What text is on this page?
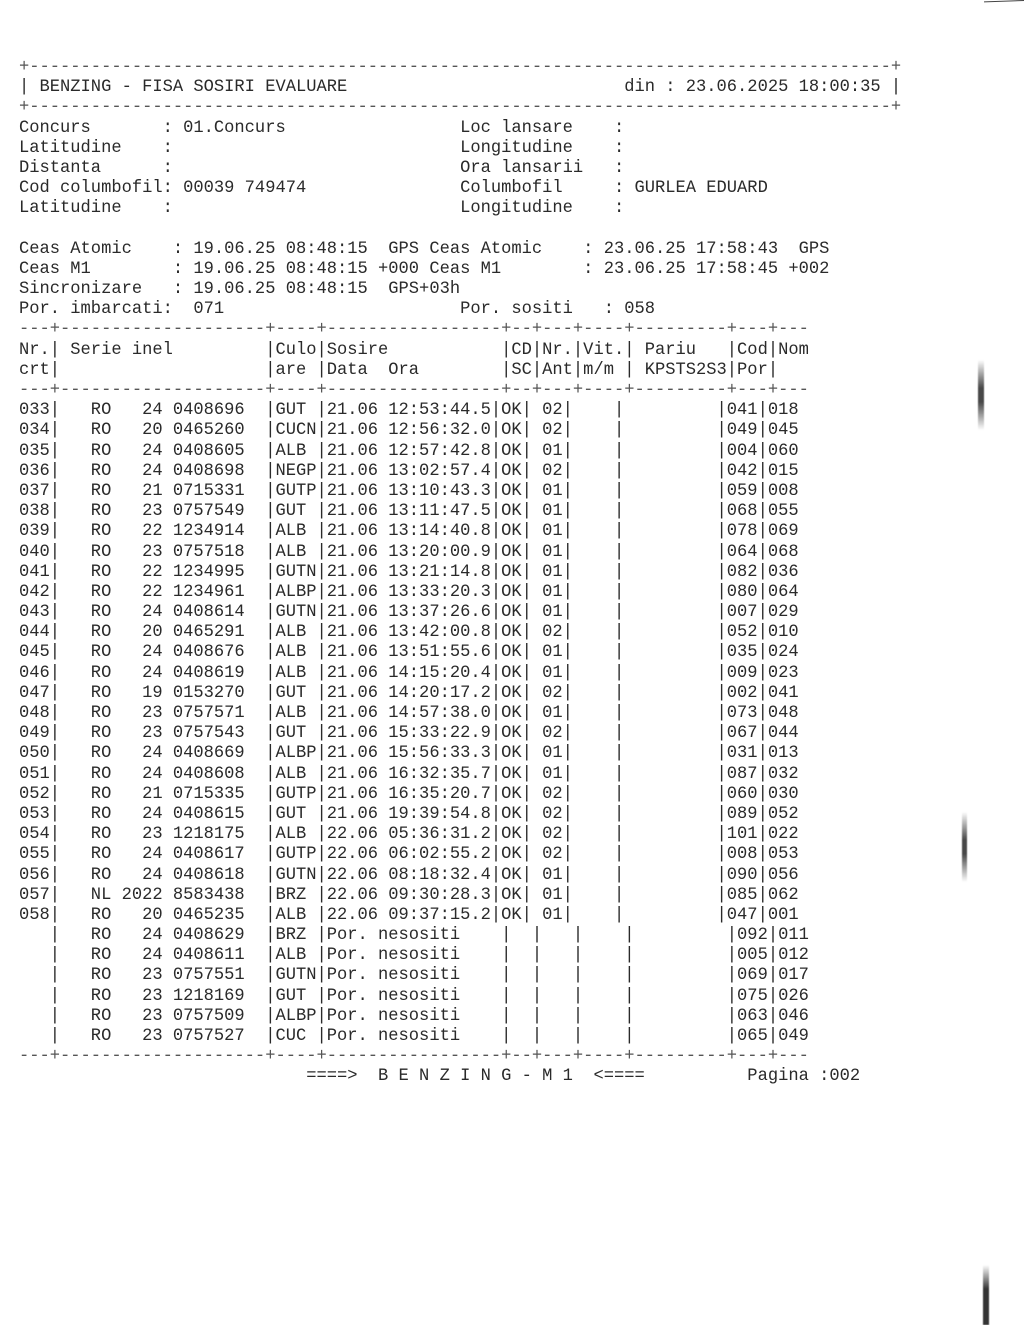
+------------------------------------------------------------------------------------+
| BENZING - FISA SOSIRI EVALUARE                           din : 23.06.2025 18:00:35 |
+------------------------------------------------------------------------------------+
Concurs       : 01.Concurs                 Loc lansare    :
Latitudine    :                            Longitudine    :
Distanta      :                            Ora lansarii   :
Cod columbofil: 00039 749474               Columbofil     : GURLEA EDUARD
Latitudine    :                            Longitudine    :
Ceas Atomic    : 19.06.25 08:48:15  GPS Ceas Atomic    : 23.06.25 17:58:43  GPS
Ceas M1        : 19.06.25 08:48:15 +000 Ceas M1        : 23.06.25 17:58:45 +002
Sincronizare   : 19.06.25 08:48:15  GPS+03h
Por. imbarcati:  071                       Por. sositi   : 058
---+--------------------+----+-----------------+--+---+----+---------+---+---
Nr.| Serie inel         |Culo|Sosire           |CD|Nr.|Vit.| Pariu   |Cod|Nom
crt|                    |are |Data  Ora        |SC|Ant|m/m | KPSTS2S3|Por|
---+--------------------+----+-----------------+--+---+----+---------+---+---
033|   RO   24 0408696  |GUT |21.06 12:53:44.5|OK| 02|    |         |041|018
034|   RO   20 0465260  |CUCN|21.06 12:56:32.0|OK| 02|    |         |049|045
035|   RO   24 0408605  |ALB |21.06 12:57:42.8|OK| 01|    |         |004|060
036|   RO   24 0408698  |NEGP|21.06 13:02:57.4|OK| 02|    |         |042|015
037|   RO   21 0715331  |GUTP|21.06 13:10:43.3|OK| 01|    |         |059|008
038|   RO   23 0757549  |GUT |21.06 13:11:47.5|OK| 01|    |         |068|055
039|   RO   22 1234914  |ALB |21.06 13:14:40.8|OK| 01|    |         |078|069
040|   RO   23 0757518  |ALB |21.06 13:20:00.9|OK| 01|    |         |064|068
041|   RO   22 1234995  |GUTN|21.06 13:21:14.8|OK| 01|    |         |082|036
042|   RO   22 1234961  |ALBP|21.06 13:33:20.3|OK| 01|    |         |080|064
043|   RO   24 0408614  |GUTN|21.06 13:37:26.6|OK| 01|    |         |007|029
044|   RO   20 0465291  |ALB |21.06 13:42:00.8|OK| 02|    |         |052|010
045|   RO   24 0408676  |ALB |21.06 13:51:55.6|OK| 01|    |         |035|024
046|   RO   24 0408619  |ALB |21.06 14:15:20.4|OK| 01|    |         |009|023
047|   RO   19 0153270  |GUT |21.06 14:20:17.2|OK| 02|    |         |002|041
048|   RO   23 0757571  |ALB |21.06 14:57:38.0|OK| 01|    |         |073|048
049|   RO   23 0757543  |GUT |21.06 15:33:22.9|OK| 02|    |         |067|044
050|   RO   24 0408669  |ALBP|21.06 15:56:33.3|OK| 01|    |         |031|013
051|   RO   24 0408608  |ALB |21.06 16:32:35.7|OK| 01|    |         |087|032
052|   RO   21 0715335  |GUTP|21.06 16:35:20.7|OK| 02|    |         |060|030
053|   RO   24 0408615  |GUT |21.06 19:39:54.8|OK| 02|    |         |089|052
054|   RO   23 1218175  |ALB |22.06 05:36:31.2|OK| 02|    |         |101|022
055|   RO   24 0408617  |GUTP|22.06 06:02:55.2|OK| 02|    |         |008|053
056|   RO   24 0408618  |GUTN|22.06 08:18:32.4|OK| 01|    |         |090|056
057|   NL 2022 8583438  |BRZ |22.06 09:30:28.3|OK| 01|    |         |085|062
058|   RO   20 0465235  |ALB |22.06 09:37:15.2|OK| 01|    |         |047|001
|   RO   24 0408629  |BRZ |Por. nesositi    |  |   |    |         |092|011
|   RO   24 0408611  |ALB |Por. nesositi    |  |   |    |         |005|012
|   RO   23 0757551  |GUTN|Por. nesositi    |  |   |    |         |069|017
|   RO   23 1218169  |GUT |Por. nesositi    |  |   |    |         |075|026
|   RO   23 0757509  |ALBP|Por. nesositi    |  |   |    |         |063|046
|   RO   23 0757527  |CUC |Por. nesositi    |  |   |    |         |065|049
---+--------------------+----+-----------------+--+---+----+---------+---+---
====>  B E N Z I N G - M 1  <====          Pagina :002
